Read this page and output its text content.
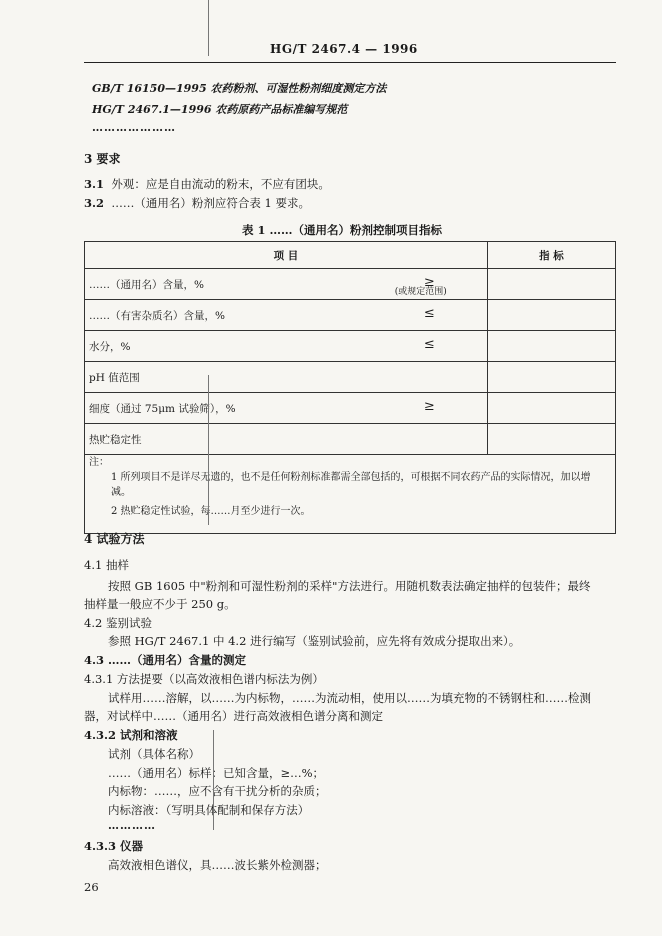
HG/T 2467.4 — 1996
GB/T 16150—1995 农药粉剂、可湿性粉剂细度测定方法
HG/T 2467.1—1996 农药原药产品标准编写规范
…………………
3 要求
3.1 外观：应是自由流动的粉末，不应有团块。
3.2 ……（通用名）粉剂应符合表 1 要求。
表 1 ……（通用名）粉剂控制项目指标
项 目	指 标
……（通用名）含量，% ≥
(或规定范围)	

……（有害杂质名）含量，% ≤	

水分，% ≤	

pH 值范围	
细度（通过 75μm 试验筛），% ≥	

热贮稳定性	

注：
1 所列项目不是详尽无遗的，也不是任何粉剂标准都需全部包括的，可根据不同农药产品的实际情况，加以增减。
2 热贮稳定性试验，每……月至少进行一次。	
4 试验方法
4.1 抽样
按照 GB 1605 中"粉剂和可湿性粉剂的采样"方法进行。用随机数表法确定抽样的包装件；最终
抽样量一般应不少于 250 g。
4.2 鉴别试验
参照 HG/T 2467.1 中 4.2 进行编写（鉴别试验前，应先将有效成分提取出来）。
4.3 ……（通用名）含量的测定
4.3.1 方法提要（以高效液相色谱内标法为例）
试样用……溶解，以……为内标物，……为流动相，使用以……为填充物的不锈钢柱和……检测
器，对试样中……（通用名）进行高效液相色谱分离和测定
4.3.2 试剂和溶液
试剂（具体名称）
……（通用名）标样：已知含量，≥…%；
内标物：……，应不含有干扰分析的杂质；
内标溶液：（写明具体配制和保存方法）
…………
4.3.3 仪器
高效液相色谱仪，具……波长紫外检测器；
26
